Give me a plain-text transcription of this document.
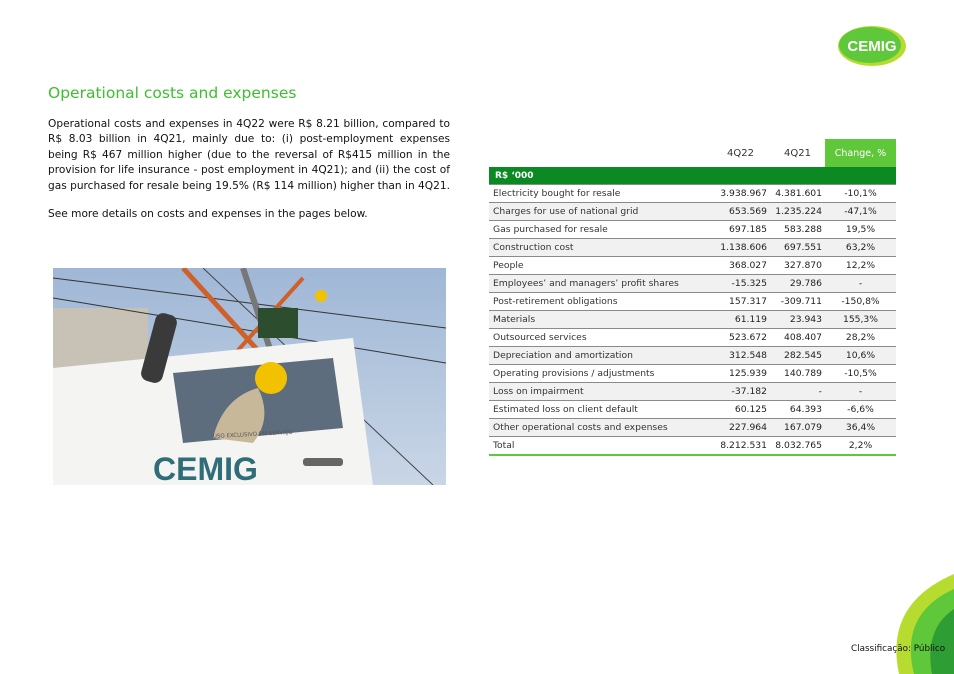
CEMIG
Operational costs and expenses

Operational costs and expenses in 4Q22 were R$ 8.21 billion, compared to R$ 8.03 billion in 4Q21, mainly due to: (i) post-employment expenses being R$ 467 million higher (due to the reversal of R$415 million in the provision for life insurance - post employment in 4Q21); and (ii) the cost of gas purchased for resale being 19.5% (R$ 114 million) higher than in 4Q21.

See more details on costs and expenses in the pages below.

USO EXCLUSIVO EM SERVIÇO
CEMIG
	4Q22	4Q21	Change, %
R$ ‘000			
Electricity bought for resale	3.938.967	4.381.601	-10,1%
Charges for use of national grid	653.569	1.235.224	-47,1%
Gas purchased for resale	697.185	583.288	19,5%
Construction cost	1.138.606	697.551	63,2%
People	368.027	327.870	12,2%
Employees’ and managers’ profit shares	-15.325	29.786	-
Post-retirement obligations	157.317	-309.711	-150,8%
Materials	61.119	23.943	155,3%
Outsourced services	523.672	408.407	28,2%
Depreciation and amortization	312.548	282.545	10,6%
Operating provisions / adjustments	125.939	140.789	-10,5%
Loss on impairment	-37.182	-	-
Estimated loss on client default	60.125	64.393	-6,6%
Other operational costs and expenses	227.964	167.079	36,4%
Total	8.212.531	8.032.765	2,2%
Classificação: Público
